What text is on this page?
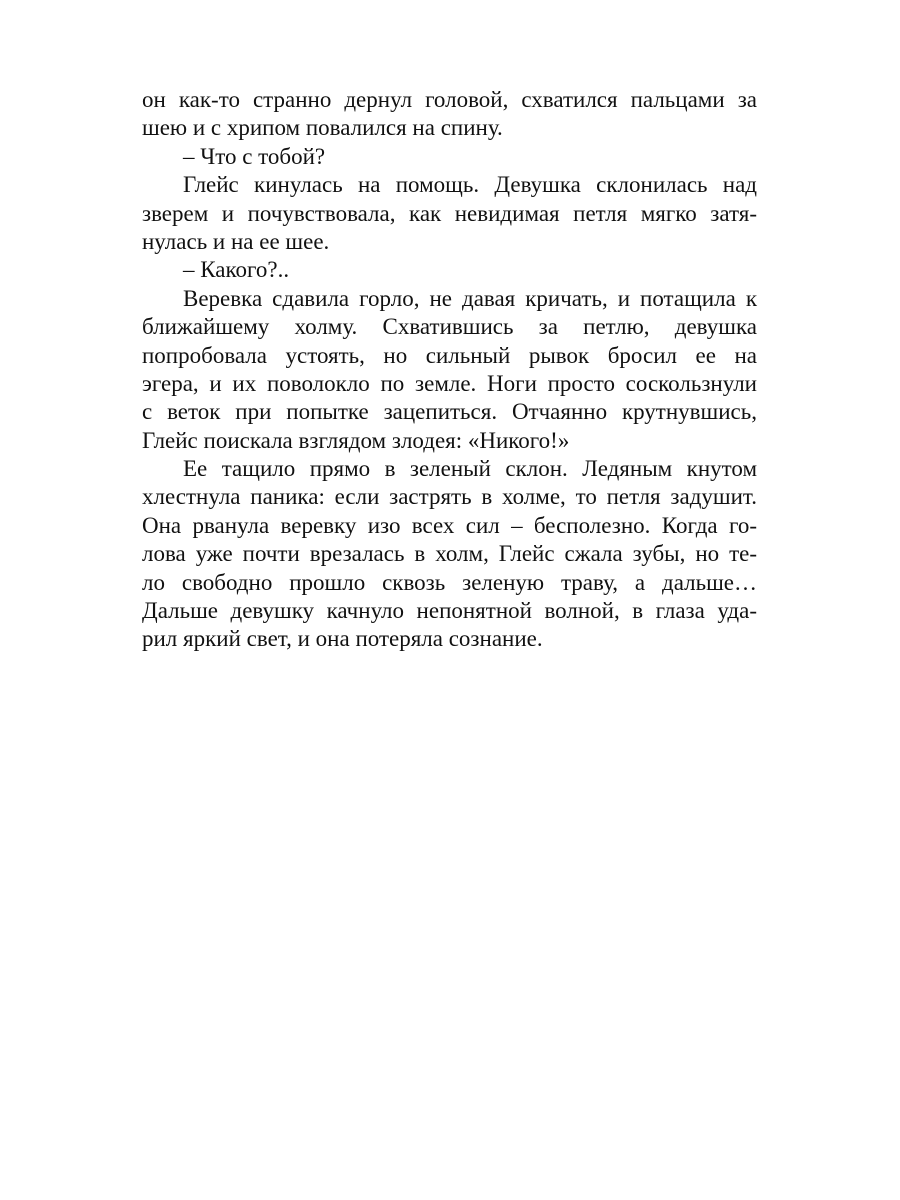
он как-то странно дернул головой, схватился пальцами за
шею и с хрипом повалился на спину.
– Что с тобой?
Глейс кинулась на помощь. Девушка склонилась над
зверем и почувствовала, как невидимая петля мягко затя-
нулась и на ее шее.
– Какого?..
Веревка сдавила горло, не давая кричать, и потащила к
ближайшему холму. Схватившись за петлю, девушка
попробовала устоять, но сильный рывок бросил ее на
эгера, и их поволокло по земле. Ноги просто соскользнули
с веток при попытке зацепиться. Отчаянно крутнувшись,
Глейс поискала взглядом злодея: «Никого!»
Ее тащило прямо в зеленый склон. Ледяным кнутом
хлестнула паника: если застрять в холме, то петля задушит.
Она рванула веревку изо всех сил – бесполезно. Когда го-
лова уже почти врезалась в холм, Глейс сжала зубы, но те-
ло свободно прошло сквозь зеленую траву, а дальше…
Дальше девушку качнуло непонятной волной, в глаза уда-
рил яркий свет, и она потеряла сознание.
